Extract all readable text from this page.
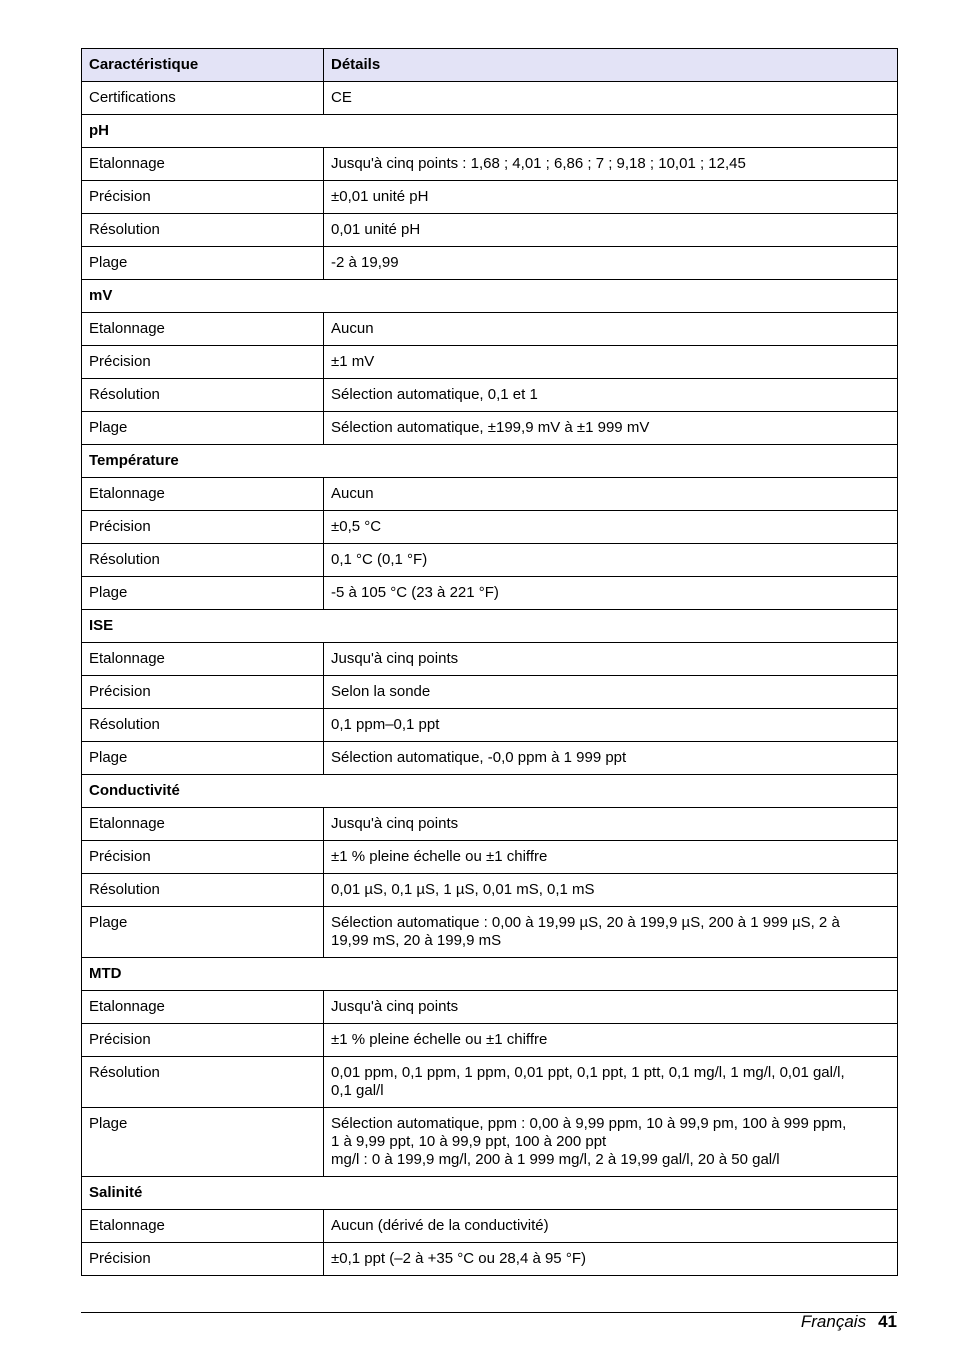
Caractéristique	Détails
Certifications	CE
pH	
Etalonnage	Jusqu'à cinq points : 1,68 ; 4,01 ; 6,86 ; 7 ; 9,18 ; 10,01 ; 12,45
Précision	±0,01 unité pH
Résolution	0,01 unité pH
Plage	-2 à 19,99
mV	
Etalonnage	Aucun
Précision	±1 mV
Résolution	Sélection automatique, 0,1 et 1
Plage	Sélection automatique, ±199,9 mV à ±1 999 mV
Température	
Etalonnage	Aucun
Précision	±0,5 °C
Résolution	0,1 °C (0,1 °F)
Plage	-5 à 105 °C (23 à 221 °F)
ISE	
Etalonnage	Jusqu'à cinq points
Précision	Selon la sonde
Résolution	0,1 ppm–0,1 ppt
Plage	Sélection automatique, -0,0 ppm à 1 999 ppt
Conductivité	
Etalonnage	Jusqu'à cinq points
Précision	±1 % pleine échelle ou ±1 chiffre
Résolution	0,01 µS, 0,1 µS, 1 µS, 0,01 mS, 0,1 mS
Plage	Sélection automatique : 0,00 à 19,99 µS, 20 à 199,9 µS, 200 à 1 999 µS, 2 à
19,99 mS, 20 à 199,9 mS
MTD	
Etalonnage	Jusqu'à cinq points
Précision	±1 % pleine échelle ou ±1 chiffre
Résolution	0,01 ppm, 0,1 ppm, 1 ppm, 0,01 ppt, 0,1 ppt, 1 ptt, 0,1 mg/l, 1 mg/l, 0,01 gal/l,
0,1 gal/l
Plage	Sélection automatique, ppm : 0,00 à 9,99 ppm, 10 à 99,9 pm, 100 à 999 ppm,
1 à 9,99 ppt, 10 à 99,9 ppt, 100 à 200 ppt
mg/l : 0 à 199,9 mg/l, 200 à 1 999 mg/l, 2 à 19,99 gal/l, 20 à 50 gal/l
Salinité	
Etalonnage	Aucun (dérivé de la conductivité)
Précision	±0,1 ppt (–2 à +35 °C ou 28,4 à 95 °F)
Français 41
